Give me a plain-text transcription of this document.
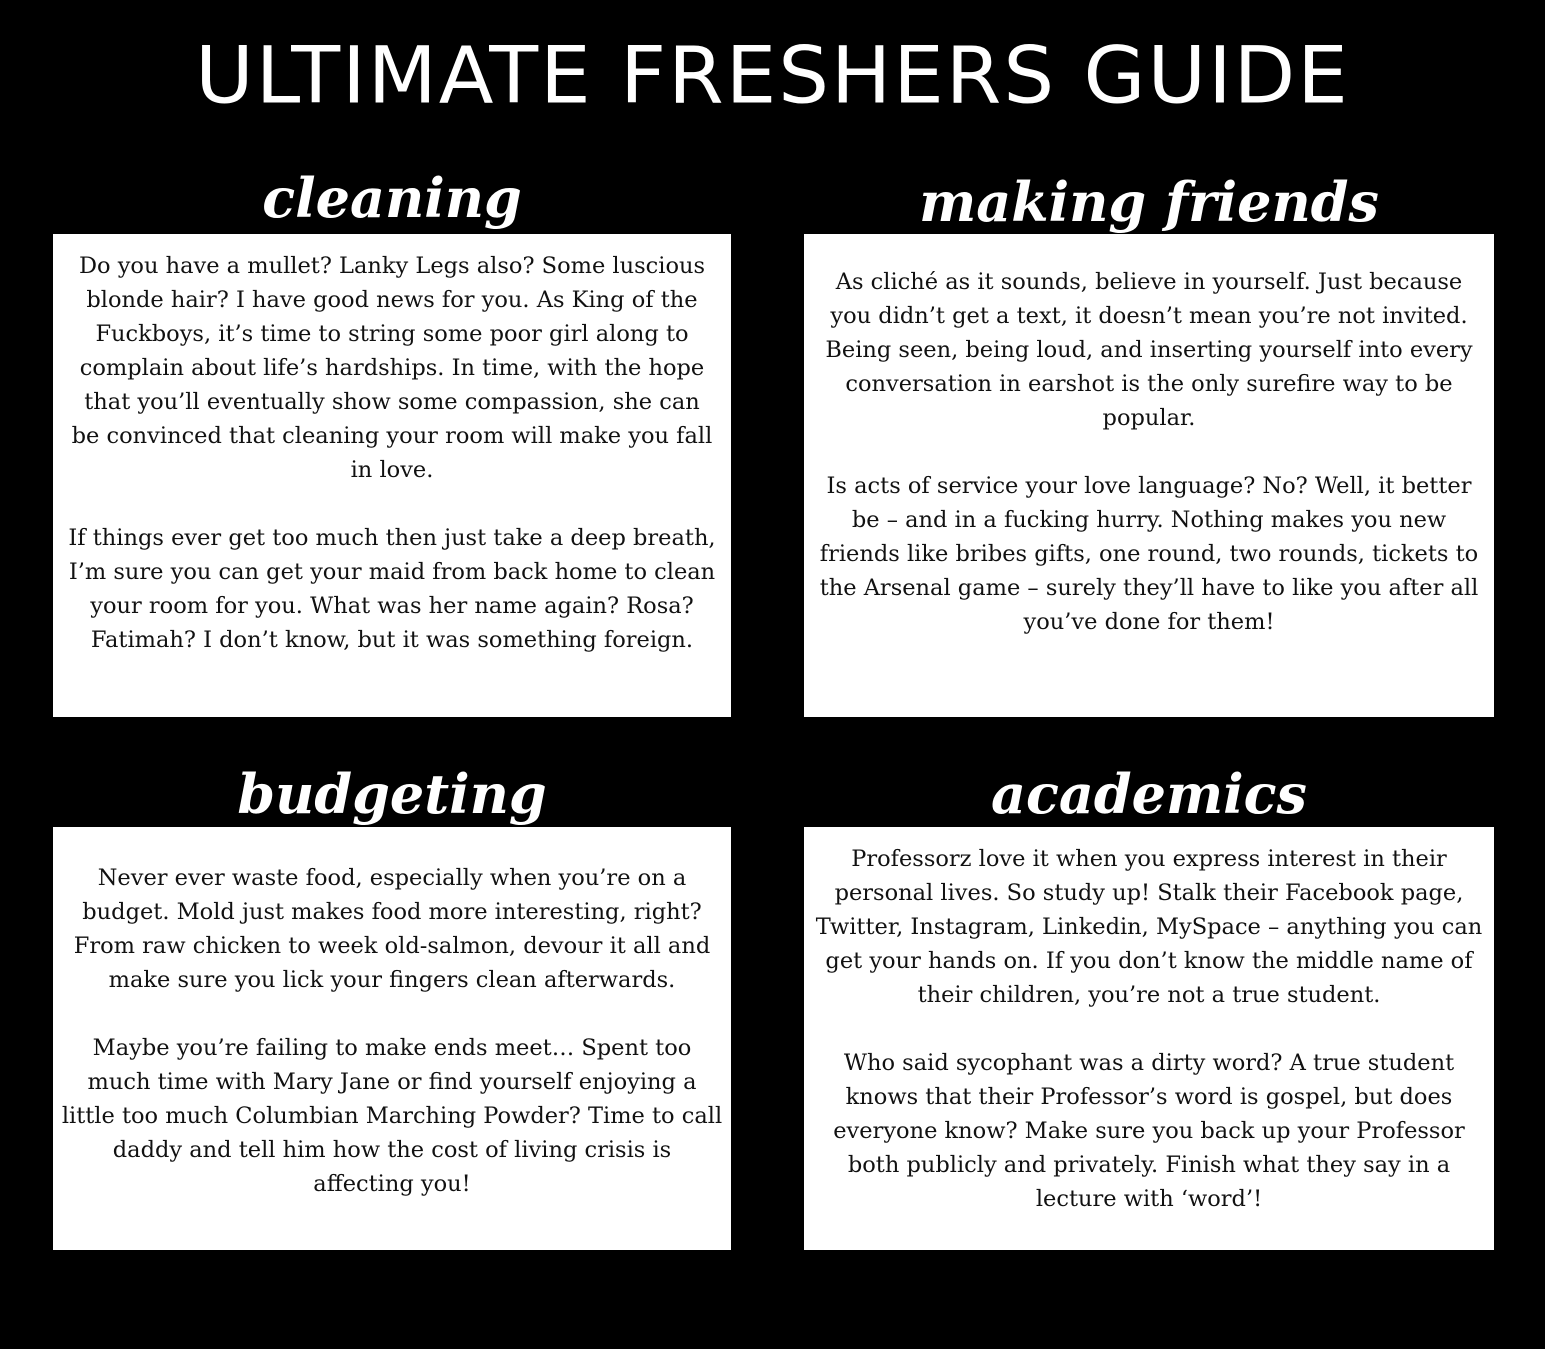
ULTIMATE FRESHERS GUIDE
cleaning

Do you have a mullet? Lanky Legs also? Some luscious blonde hair? I have good news for you. As King of the Fuckboys, it’s time to string some poor girl along to complain about life’s hardships. In time, with the hope that you’ll eventually show some compassion, she can be convinced that cleaning your room will make you fall in love.

If things ever get too much then just take a deep breath, I’m sure you can get your maid from back home to clean your room for you. What was her name again? Rosa? Fatimah? I don’t know, but it was something foreign.

making friends

As cliché as it sounds, believe in yourself. Just because you didn’t get a text, it doesn’t mean you’re not invited. Being seen, being loud, and inserting yourself into every conversation in earshot is the only surefire way to be popular.

Is acts of service your love language? No? Well, it better be – and in a fucking hurry. Nothing makes you new friends like bribes gifts, one round, two rounds, tickets to the Arsenal game – surely they’ll have to like you after all you’ve done for them!

budgeting

Never ever waste food, especially when you’re on a budget. Mold just makes food more interesting, right? From raw chicken to week old-salmon, devour it all and make sure you lick your fingers clean afterwards.

Maybe you’re failing to make ends meet… Spent too much time with Mary Jane or find yourself enjoying a little too much Columbian Marching Powder? Time to call daddy and tell him how the cost of living crisis is affecting you!

academics

Professorz love it when you express interest in their personal lives. So study up! Stalk their Facebook page, Twitter, Instagram, Linkedin, MySpace – anything you can get your hands on. If you don’t know the middle name of their children, you’re not a true student.

Who said sycophant was a dirty word? A true student knows that their Professor’s word is gospel, but does everyone know? Make sure you back up your Professor both publicly and privately. Finish what they say in a lecture with ‘word’!
